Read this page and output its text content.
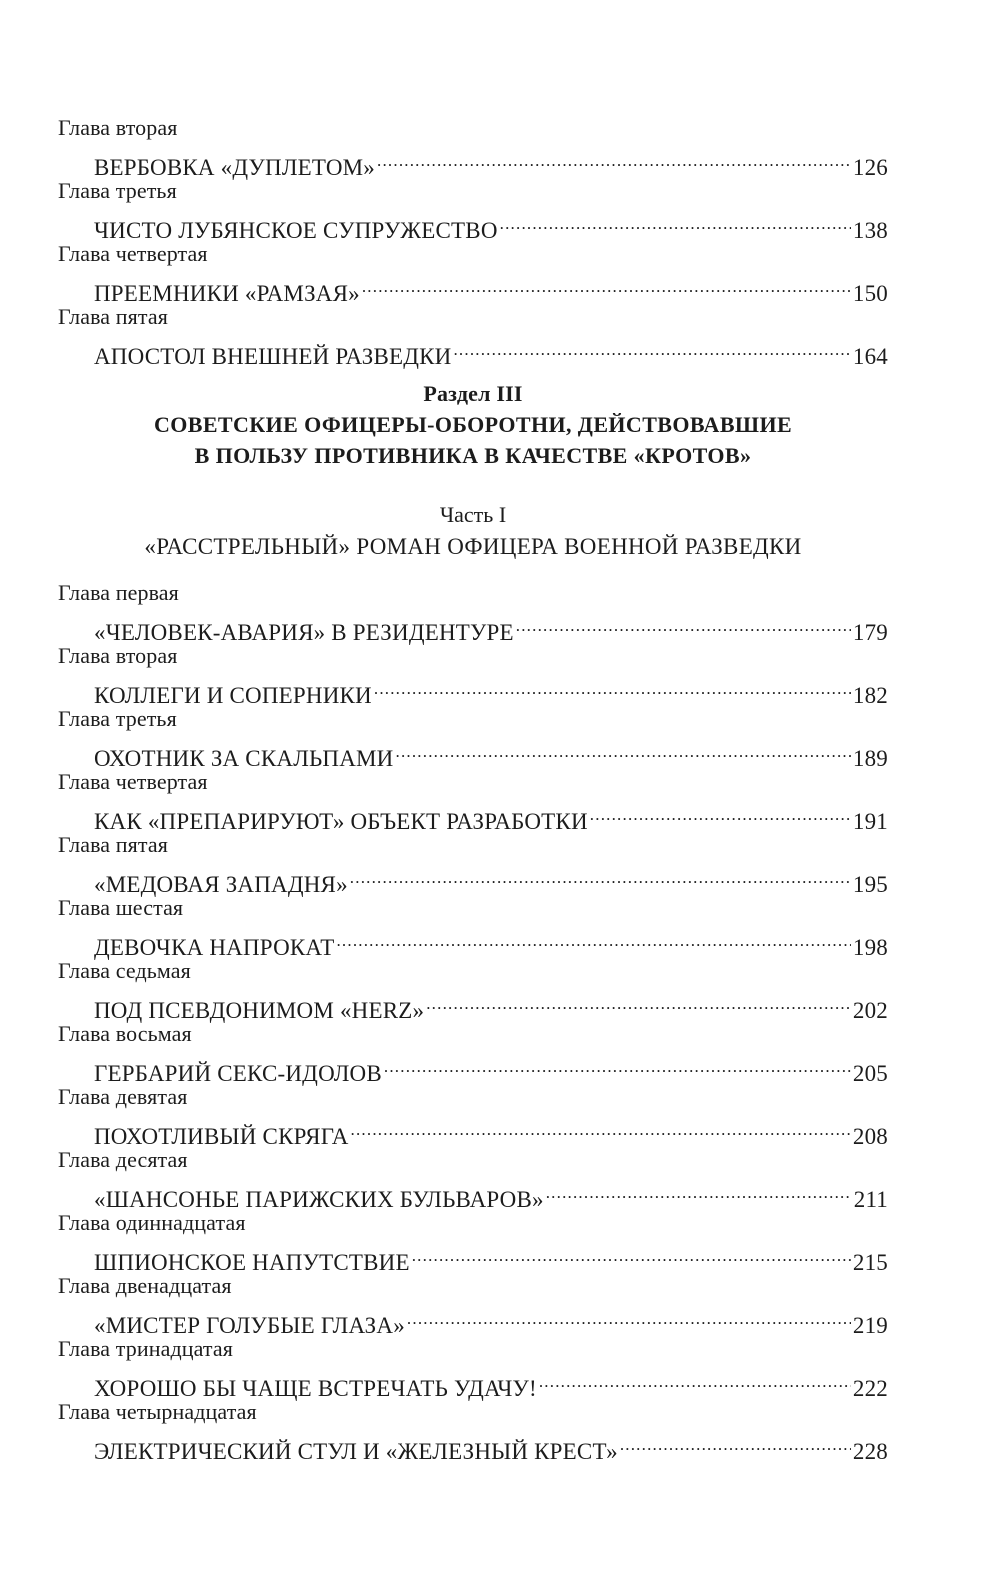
Глава вторая
ВЕРБОВКА «ДУПЛЕТОМ» .....	126
Глава третья
ЧИСТО ЛУБЯНСКОЕ СУПРУЖЕСТВО .....	138
Глава четвертая
ПРЕЕМНИКИ «РАМЗАЯ» .....	150
Глава пятая
АПОСТОЛ ВНЕШНЕЙ РАЗВЕДКИ .....	164
Раздел III
СОВЕТСКИЕ ОФИЦЕРЫ-ОБОРОТНИ, ДЕЙСТВОВАВШИЕ
В ПОЛЬЗУ ПРОТИВНИКА В КАЧЕСТВЕ «КРОТОВ»
Часть I
«РАССТРЕЛЬНЫЙ» РОМАН ОФИЦЕРА ВОЕННОЙ РАЗВЕДКИ
Глава первая
«ЧЕЛОВЕК-АВАРИЯ» В РЕЗИДЕНТУРЕ .....	179
Глава вторая
КОЛЛЕГИ И СОПЕРНИКИ .....	182
Глава третья
ОХОТНИК ЗА СКАЛЬПАМИ .....	189
Глава четвертая
КАК «ПРЕПАРИРУЮТ» ОБЪЕКТ РАЗРАБОТКИ .....	191
Глава пятая
«МЕДОВАЯ ЗАПАДНЯ» .....	195
Глава шестая
ДЕВОЧКА НАПРОКАТ .....	198
Глава седьмая
ПОД ПСЕВДОНИМОМ «HERZ» .....	202
Глава восьмая
ГЕРБАРИЙ СЕКС-ИДОЛОВ .....	205
Глава девятая
ПОХОТЛИВЫЙ СКРЯГА .....	208
Глава десятая
«ШАНСОНЬЕ ПАРИЖСКИХ БУЛЬВАРОВ» .....	211
Глава одиннадцатая
ШПИОНСКОЕ НАПУТСТВИЕ .....	215
Глава двенадцатая
«МИСТЕР ГОЛУБЫЕ ГЛАЗА» .....	219
Глава тринадцатая
ХОРОШО БЫ ЧАЩЕ ВСТРЕЧАТЬ УДАЧУ! .....	222
Глава четырнадцатая
ЭЛЕКТРИЧЕСКИЙ СТУЛ И «ЖЕЛЕЗНЫЙ КРЕСТ» .....	228
